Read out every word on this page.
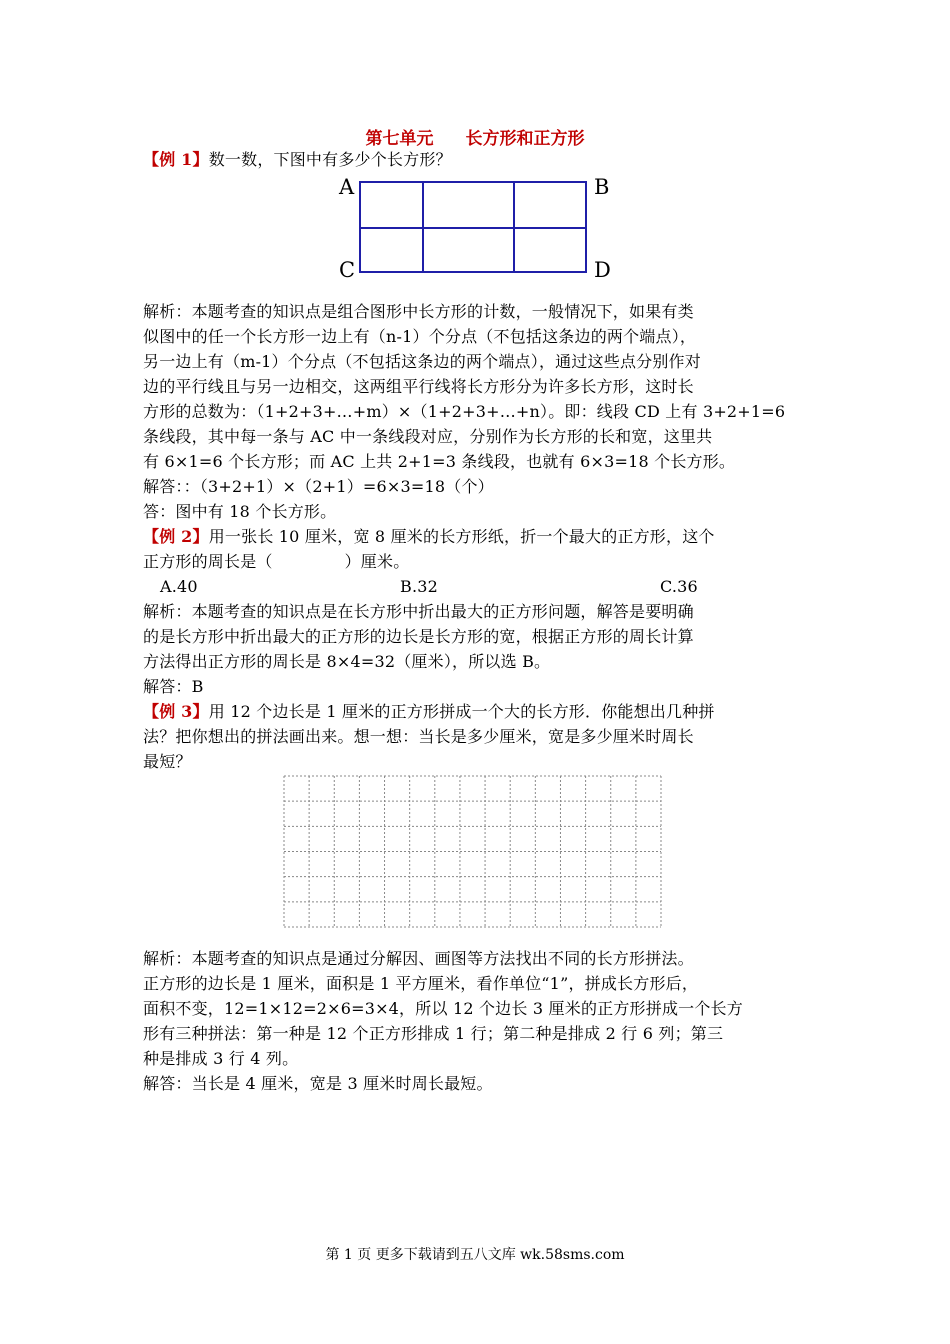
第七单元 长方形和正方形
【例 1】数一数，下图中有多少个长方形？
A	B
C	D
解析：本题考查的知识点是组合图形中长方形的计数，一般情况下，如果有类
似图中的任一个长方形一边上有（n-1）个分点（不包括这条边的两个端点），
另一边上有（m-1）个分点（不包括这条边的两个端点），通过这些点分别作对
边的平行线且与另一边相交，这两组平行线将长方形分为许多长方形，这时长
方形的总数为：（1+2+3+…+m）×（1+2+3+…+n）。即：线段 CD 上有 3+2+1=6
条线段，其中每一条与 AC 中一条线段对应，分别作为长方形的长和宽，这里共
有 6×1=6 个长方形；而 AC 上共 2+1=3 条线段，也就有 6×3=18 个长方形。
解答：：（3+2+1）×（2+1）=6×3=18（个）
答：图中有 18 个长方形。
【例 2】用一张长 10 厘米，宽 8 厘米的长方形纸，折一个最大的正方形，这个
正方形的周长是（	）厘米。
A.40	B.32	C.36
解析：本题考查的知识点是在长方形中折出最大的正方形问题，解答是要明确
的是长方形中折出最大的正方形的边长是长方形的宽，根据正方形的周长计算
方法得出正方形的周长是 8×4=32（厘米），所以选 B。
解答：B
【例 3】用 12 个边长是 1 厘米的正方形拼成一个大的长方形．你能想出几种拼
法？把你想出的拼法画出来。想一想：当长是多少厘米，宽是多少厘米时周长
最短？
解析：本题考查的知识点是通过分解因、画图等方法找出不同的长方形拼法。
正方形的边长是 1 厘米，面积是 1 平方厘米，看作单位“1”，拼成长方形后，
面积不变，12=1×12=2×6=3×4，所以 12 个边长 3 厘米的正方形拼成一个长方
形有三种拼法：第一种是 12 个正方形排成 1 行；第二种是排成 2 行 6 列；第三
种是排成 3 行 4 列。
解答：当长是 4 厘米，宽是 3 厘米时周长最短。
第 1 页 更多下载请到五八文库 wk.58sms.com
